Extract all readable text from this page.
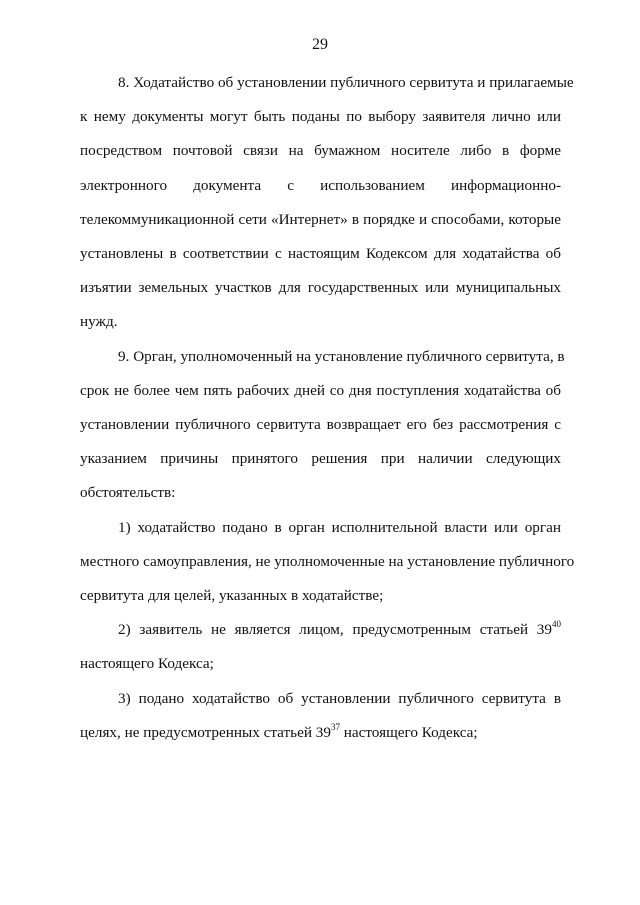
29
8. Ходатайство об установлении публичного сервитута и прилагаемые
к нему документы могут быть поданы по выбору заявителя лично или
посредством почтовой связи на бумажном носителе либо в форме
электронного документа с использованием информационно-
телекоммуникационной сети «Интернет» в порядке и способами, которые
установлены в соответствии с настоящим Кодексом для ходатайства об
изъятии земельных участков для государственных или муниципальных
нужд.
9. Орган, уполномоченный на установление публичного сервитута, в
срок не более чем пять рабочих дней со дня поступления ходатайства об
установлении публичного сервитута возвращает его без рассмотрения с
указанием причины принятого решения при наличии следующих
обстоятельств:
1) ходатайство подано в орган исполнительной власти или орган
местного самоуправления, не уполномоченные на установление публичного
сервитута для целей, указанных в ходатайстве;
2) заявитель не является лицом, предусмотренным статьей $39^{40}$
настоящего Кодекса;
3) подано ходатайство об установлении публичного сервитута в
целях, не предусмотренных статьей $39^{37}$ настоящего Кодекса;
